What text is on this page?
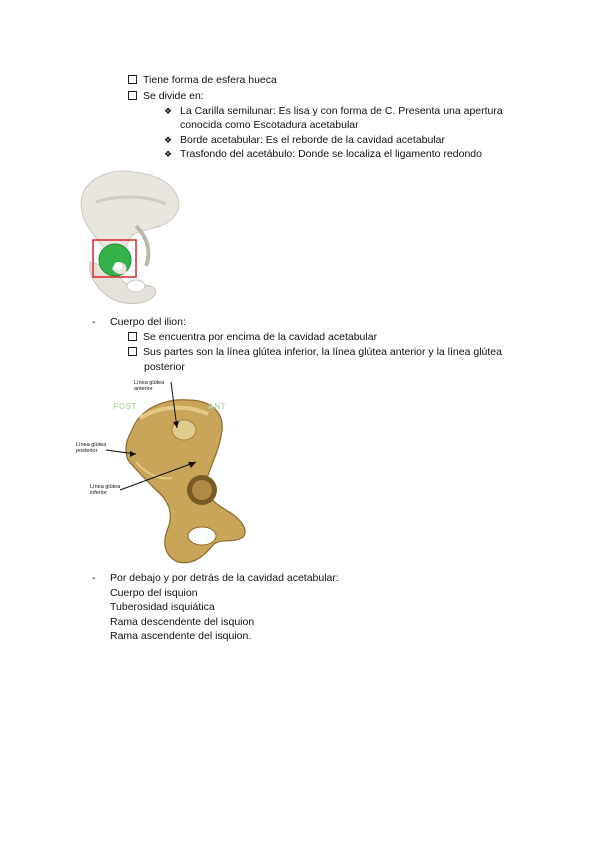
Tiene forma de esfera hueca
Se divide en:
❖ La Carilla semilunar: Es lisa y con forma de C. Presenta una apertura
conocida como Escotadura acetabular
❖ Borde acetabular: Es el reborde de la cavidad acetabular
❖ Trasfondo del acetábulo: Donde se localiza el ligamento redondo
- Cuerpo del ilion:
Se encuentra por encima de la cavidad acetabular
Sus partes son la línea glútea inferior, la línea glútea anterior y la línea glútea
posterior
POST	ANT
Línea glútea
anterior
Línea glútea
posterior
Línea glútea
inferior
- Por debajo y por detrás de la cavidad acetabular:
Cuerpo del isquion
Tuberosidad isquiática
Rama descendente del isquion
Rama ascendente del isquion.
